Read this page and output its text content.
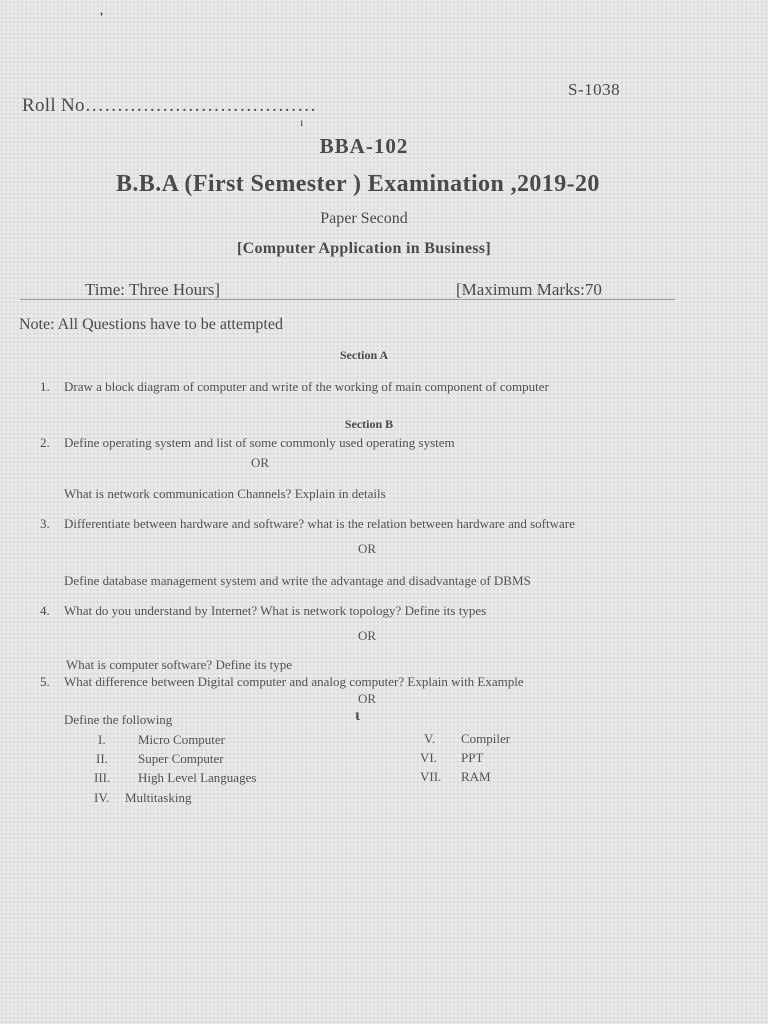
❜
S-1038
Roll No………………………………
ı
BBA-102
B.B.A (First Semester ) Examination ,2019-20
Paper Second
[Computer Application in Business]
Time: Three Hours]	[Maximum Marks:70
Note: All Questions have to be attempted
Section A
1. Draw a block diagram of computer and write of the working of main component of computer
Section B
2. Define operating system and list of some commonly used operating system
OR
What is network communication Channels? Explain in details
3. Differentiate between hardware and software? what is the relation between hardware and software
OR
Define database management system and write the advantage and disadvantage of DBMS
4. What do you understand by Internet? What is network topology? Define its types
OR
What is computer software? Define its type
5. What difference between Digital computer and analog computer? Explain with Example
OR
ɩ
Define the following
I. Micro Computer
II. Super Computer
III. High Level Languages
IV. Multitasking
V. Compiler
VI. PPT
VII. RAM
